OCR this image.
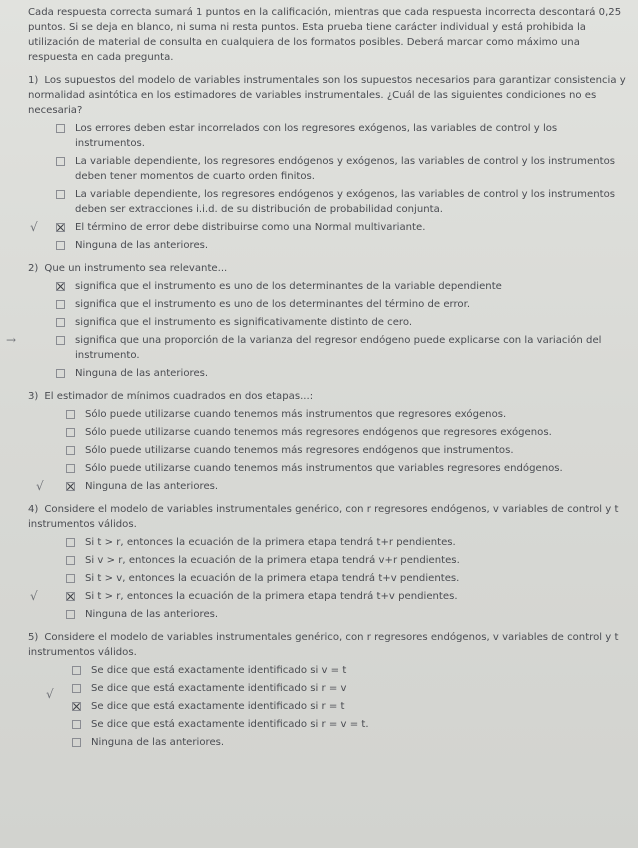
Cada respuesta correcta sumará 1 puntos en la calificación, mientras que cada respuesta incorrecta descontará 0,25 puntos. Si se deja en blanco, ni suma ni resta puntos. Esta prueba tiene carácter individual y está prohibida la utilización de material de consulta en cualquiera de los formatos posibles. Deberá marcar como máximo una respuesta en cada pregunta.

1) Los supuestos del modelo de variables instrumentales son los supuestos necesarios para garantizar consistencia y normalidad asintótica en los estimadores de variables instrumentales. ¿Cuál de las siguientes condiciones no es necesaria?

Los errores deben estar incorrelados con los regresores exógenos, las variables de control y los instrumentos.
La variable dependiente, los regresores endógenos y exógenos, las variables de control y los instrumentos deben tener momentos de cuarto orden finitos.
La variable dependiente, los regresores endógenos y exógenos, las variables de control y los instrumentos deben ser extracciones i.i.d. de su distribución de probabilidad conjunta.
√	El término de error debe distribuirse como una Normal multivariante.
Ninguna de las anteriores.

2) Que un instrumento sea relevante...

significa que el instrumento es uno de los determinantes de la variable dependiente
significa que el instrumento es uno de los determinantes del término de error.
significa que el instrumento es significativamente distinto de cero.
→	significa que una proporción de la varianza del regresor endógeno puede explicarse con la variación del instrumento.
Ninguna de las anteriores.

3) El estimador de mínimos cuadrados en dos etapas...:

Sólo puede utilizarse cuando tenemos más instrumentos que regresores exógenos.
Sólo puede utilizarse cuando tenemos más regresores endógenos que regresores exógenos.
Sólo puede utilizarse cuando tenemos más regresores endógenos que instrumentos.
Sólo puede utilizarse cuando tenemos más instrumentos que variables regresores endógenos.
√	Ninguna de las anteriores.

4) Considere el modelo de variables instrumentales genérico, con r regresores endógenos, v variables de control y t instrumentos válidos.

Si t > r, entonces la ecuación de la primera etapa tendrá t+r pendientes.
Si v > r, entonces la ecuación de la primera etapa tendrá v+r pendientes.
Si t > v, entonces la ecuación de la primera etapa tendrá t+v pendientes.
√	Si t > r, entonces la ecuación de la primera etapa tendrá t+v pendientes.
Ninguna de las anteriores.

5) Considere el modelo de variables instrumentales genérico, con r regresores endógenos, v variables de control y t instrumentos válidos.

Se dice que está exactamente identificado si v = t
√	Se dice que está exactamente identificado si r = v
Se dice que está exactamente identificado si r = t
Se dice que está exactamente identificado si r = v = t.
Ninguna de las anteriores.
